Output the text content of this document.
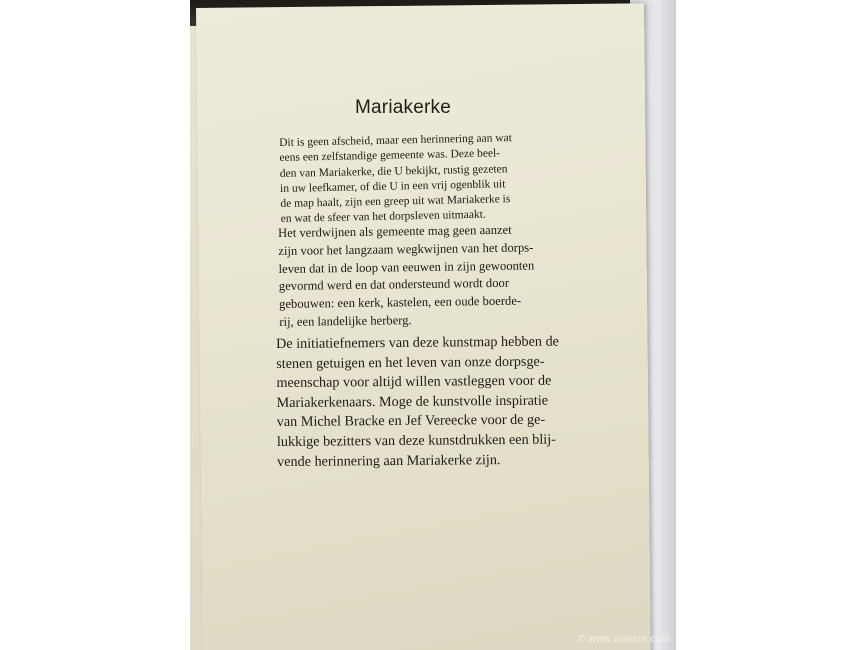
Mariakerke
Dit is geen afscheid, maar een herinnering aan wat
eens een zelfstandige gemeente was. Deze beel-
den van Mariakerke, die U bekijkt, rustig gezeten
in uw leefkamer, of die U in een vrij ogenblik uit
de map haalt, zijn een greep uit wat Mariakerke is
en wat de sfeer van het dorpsleven uitmaakt.
Het verdwijnen als gemeente mag geen aanzet
zijn voor het langzaam wegkwijnen van het dorps-
leven dat in de loop van eeuwen in zijn gewoonten
gevormd werd en dat ondersteund wordt door
gebouwen: een kerk, kastelen, een oude boerde-
rij, een landelijke herberg.
De initiatiefnemers van deze kunstmap hebben de
stenen getuigen en het leven van onze dorpsge-
meenschap voor altijd willen vastleggen voor de
Mariakerkenaars. Moge de kunstvolle inspiratie
van Michel Bracke en Jef Vereecke voor de ge-
lukkige bezitters van deze kunstdrukken een blij-
vende herinnering aan Mariakerke zijn.
© www.vlavem.com
